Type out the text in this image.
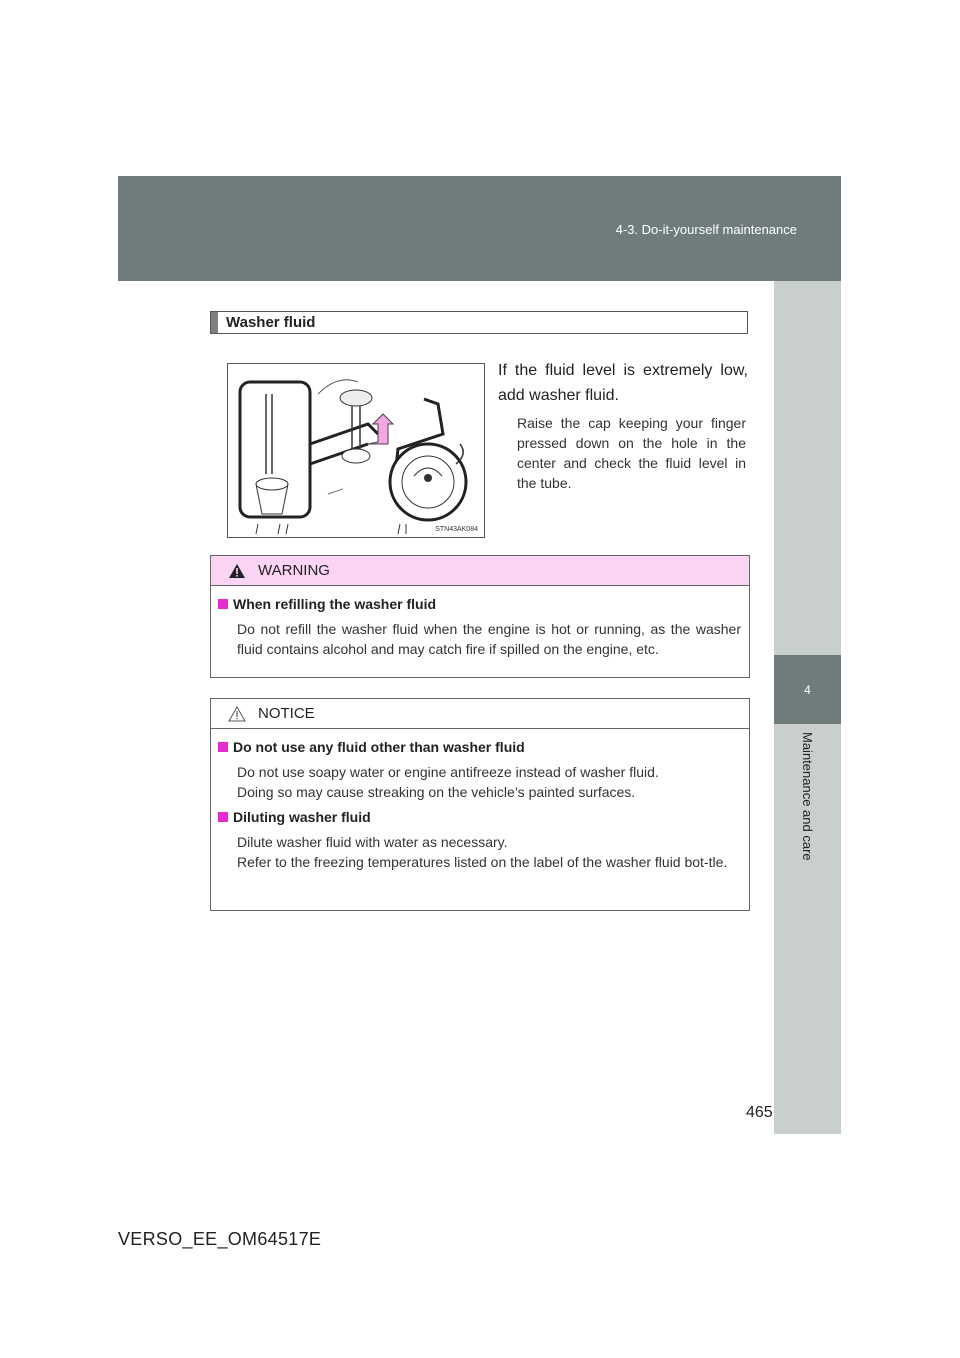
4-3. Do-it-yourself maintenance
4
Maintenance and care
Washer fluid
STN43AK084
If the fluid level is extremely low, add washer fluid.
Raise the cap keeping your finger pressed down on the hole in the center and check the fluid level in the tube.
WARNING
When refilling the washer fluid

Do not refill the washer fluid when the engine is hot or running, as the washer fluid contains alcohol and may catch fire if spilled on the engine, etc.

NOTICE
Do not use any fluid other than washer fluid

Do not use soapy water or engine antifreeze instead of washer fluid.

Doing so may cause streaking on the vehicle’s painted surfaces.

Diluting washer fluid

Dilute washer fluid with water as necessary.

Refer to the freezing temperatures listed on the label of the washer fluid bot-tle.

465
VERSO_EE_OM64517E
